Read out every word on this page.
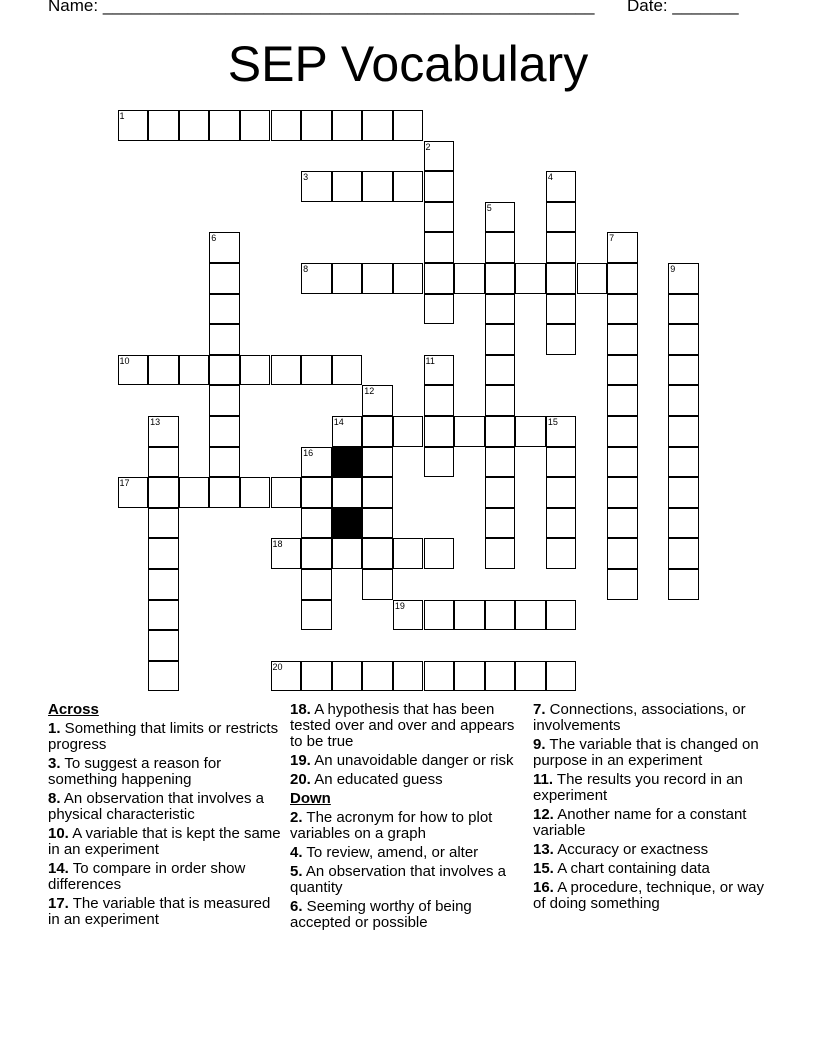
Name: ____________________________________________________ Date: _______
SEP Vocabulary
1
2
3	4
5
6	7
8	9
10	11
12
13	14	15
16
17
18
19
20
Across
1. Something that limits or restricts progress
3. To suggest a reason for something happening
8. An observation that involves a physical characteristic
10. A variable that is kept the same in an experiment
14. To compare in order show differences
17. The variable that is measured in an experiment
18. A hypothesis that has been tested over and over and appears to be true
19. An unavoidable danger or risk
20. An educated guess
Down
2. The acronym for how to plot variables on a graph
4. To review, amend, or alter
5. An observation that involves a quantity
6. Seeming worthy of being accepted or possible
7. Connections, associations, or involvements
9. The variable that is changed on purpose in an experiment
11. The results you record in an experiment
12. Another name for a constant variable
13. Accuracy or exactness
15. A chart containing data
16. A procedure, technique, or way of doing something
